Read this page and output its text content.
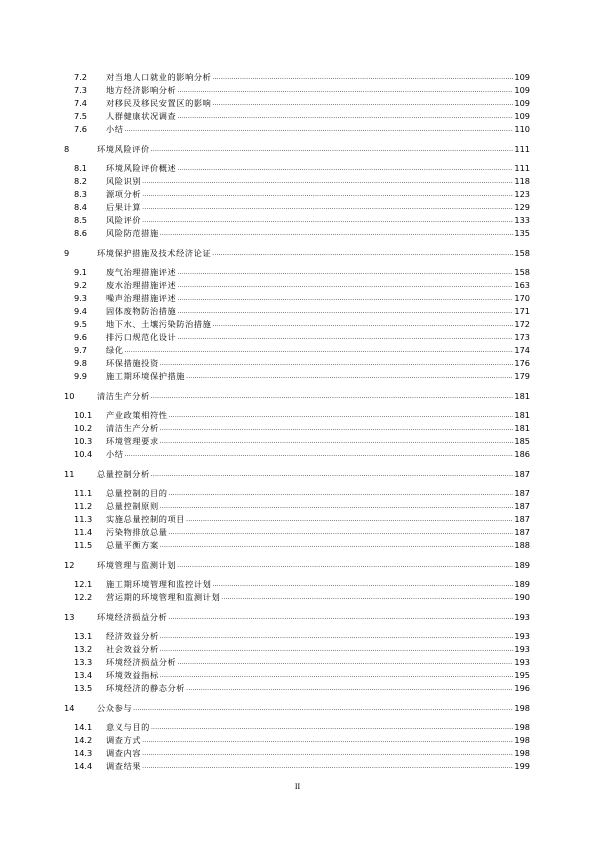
7.2	对当地人口就业的影响分析 .....	109
7.3	地方经济影响分析 .....	109
7.4	对移民及移民安置区的影响 .....	109
7.5	人群健康状况调查 .....	109
7.6	小结 .....	110
8	环境风险评价 .....	111
8.1	环境风险评价概述 .....	111
8.2	风险识别 .....	118
8.3	源项分析 .....	123
8.4	后果计算 .....	129
8.5	风险评价 .....	133
8.6	风险防范措施 .....	135
9	环境保护措施及技术经济论证 .....	158
9.1	废气治理措施评述 .....	158
9.2	废水治理措施评述 .....	163
9.3	噪声治理措施评述 .....	170
9.4	固体废物防治措施 .....	171
9.5	地下水、土壤污染防治措施 .....	172
9.6	排污口规范化设计 .....	173
9.7	绿化 .....	174
9.8	环保措施投资 .....	176
9.9	施工期环境保护措施 .....	179
10	清洁生产分析 .....	181
10.1	产业政策相符性 .....	181
10.2	清洁生产分析 .....	181
10.3	环境管理要求 .....	185
10.4	小结 .....	186
11	总量控制分析 .....	187
11.1	总量控制的目的 .....	187
11.2	总量控制原则 .....	187
11.3	实施总量控制的项目 .....	187
11.4	污染物排放总量 .....	187
11.5	总量平衡方案 .....	188
12	环境管理与监测计划 .....	189
12.1	施工期环境管理和监控计划 .....	189
12.2	营运期的环境管理和监测计划 .....	190
13	环境经济损益分析 .....	193
13.1	经济效益分析 .....	193
13.2	社会效益分析 .....	193
13.3	环境经济损益分析 .....	193
13.4	环境效益指标 .....	195
13.5	环境经济的静态分析 .....	196
14	公众参与 .....	198
14.1	意义与目的 .....	198
14.2	调查方式 .....	198
14.3	调查内容 .....	198
14.4	调查结果 .....	199
II
